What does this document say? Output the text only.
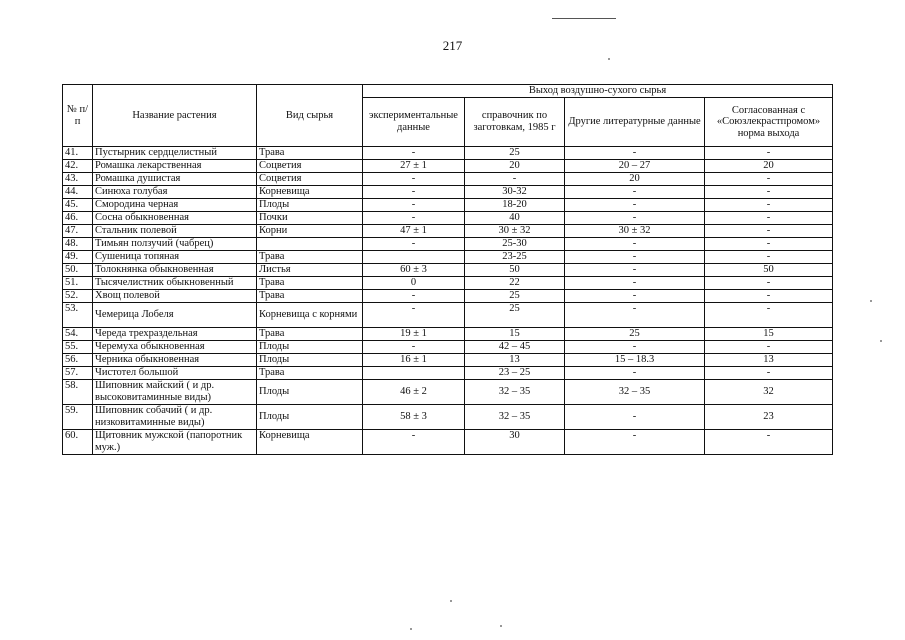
217
№ п/п	Название растения	Вид сырья	Выход воздушно-сухого сырья			
			экспериментальные данные	справочник по заготовкам, 1985 г	Другие литературные данные	Согласованная с «Союзлекрастпромом» норма выхода
41.	Пустырник сердцелистный	Трава	-	25	-	-
42.	Ромашка лекарственная	Соцветия	27 ± 1	20	20 – 27	20
43.	Ромашка душистая	Соцветия	-	-	20	-
44.	Синюха голубая	Корневища	-	30-32	-	-
45.	Смородина черная	Плоды	-	18-20	-	-
46.	Сосна обыкновенная	Почки	-	40	-	-
47.	Стальник полевой	Корни	47 ± 1	30 ± 32	30 ± 32	-
48.	Тимьян ползучий (чабрец)		-	25-30	-	-
49.	Сушеница топяная	Трава		23-25	-	-
50.	Толокнянка обыкновенная	Листья	60 ± 3	50	-	50
51.	Тысячелистник обыкновенный	Трава	0	22	-	-
52.	Хвощ полевой	Трава	-	25	-	-
53.	Чемерица Лобеля	Корневища с корнями	-	25	-	-
54.	Череда трехраздельная	Трава	19 ± 1	15	25	15
55.	Черемуха обыкновенная	Плоды	-	42 – 45	-	-
56.	Черника обыкновенная	Плоды	16 ± 1	13	15 – 18.3	13
57.	Чистотел большой	Трава		23 – 25	-	-
58.	Шиповник майский ( и др. высоковитаминные виды)	Плоды	46 ± 2	32 – 35	32 – 35	32
59.	Шиповник собачий ( и др. низковитаминные виды)	Плоды	58 ± 3	32 – 35	-	23
60.	Щитовник мужской (папоротник муж.)	Корневища	-	30	-	-
